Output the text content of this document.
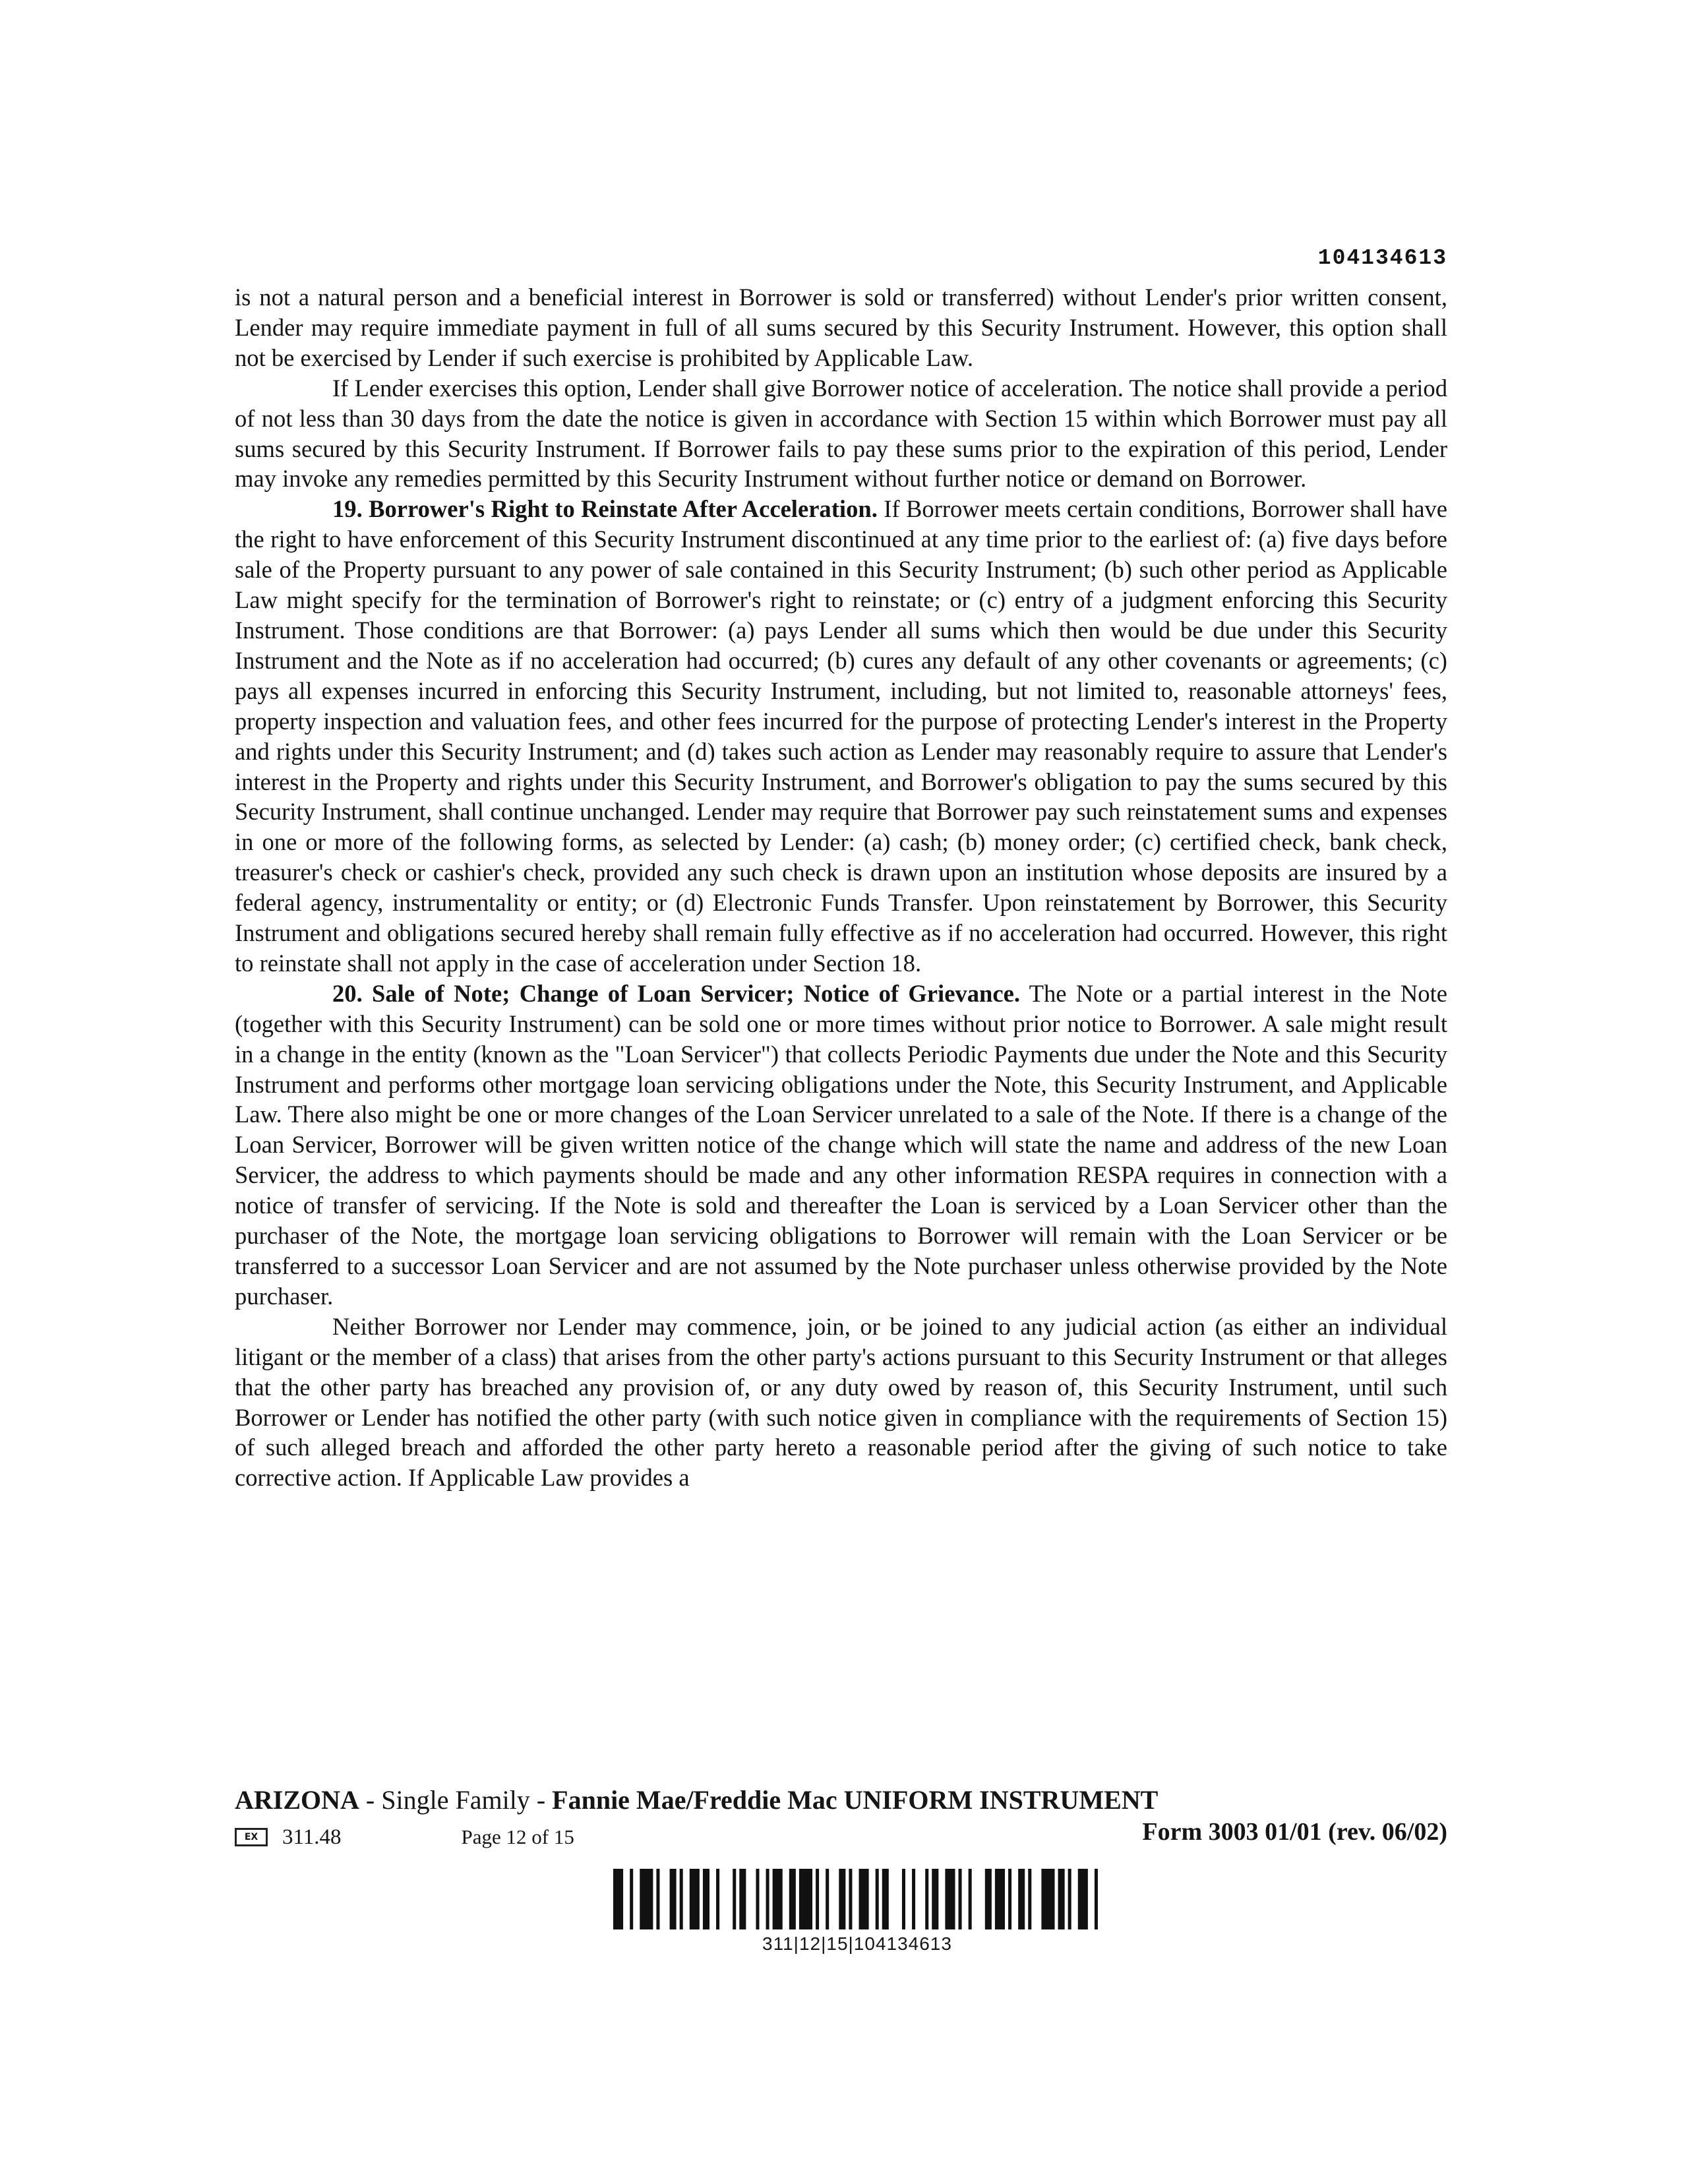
104134613

is not a natural person and a beneficial interest in Borrower is sold or transferred) without Lender's prior written consent, Lender may require immediate payment in full of all sums secured by this Security Instrument. However, this option shall not be exercised by Lender if such exercise is prohibited by Applicable Law.

If Lender exercises this option, Lender shall give Borrower notice of acceleration. The notice shall provide a period of not less than 30 days from the date the notice is given in accordance with Section 15 within which Borrower must pay all sums secured by this Security Instrument. If Borrower fails to pay these sums prior to the expiration of this period, Lender may invoke any remedies permitted by this Security Instrument without further notice or demand on Borrower.

19. Borrower's Right to Reinstate After Acceleration. If Borrower meets certain conditions, Borrower shall have the right to have enforcement of this Security Instrument discontinued at any time prior to the earliest of: (a) five days before sale of the Property pursuant to any power of sale contained in this Security Instrument; (b) such other period as Applicable Law might specify for the termination of Borrower's right to reinstate; or (c) entry of a judgment enforcing this Security Instrument. Those conditions are that Borrower: (a) pays Lender all sums which then would be due under this Security Instrument and the Note as if no acceleration had occurred; (b) cures any default of any other covenants or agreements; (c) pays all expenses incurred in enforcing this Security Instrument, including, but not limited to, reasonable attorneys' fees, property inspection and valuation fees, and other fees incurred for the purpose of protecting Lender's interest in the Property and rights under this Security Instrument; and (d) takes such action as Lender may reasonably require to assure that Lender's interest in the Property and rights under this Security Instrument, and Borrower's obligation to pay the sums secured by this Security Instrument, shall continue unchanged. Lender may require that Borrower pay such reinstatement sums and expenses in one or more of the following forms, as selected by Lender: (a) cash; (b) money order; (c) certified check, bank check, treasurer's check or cashier's check, provided any such check is drawn upon an institution whose deposits are insured by a federal agency, instrumentality or entity; or (d) Electronic Funds Transfer. Upon reinstatement by Borrower, this Security Instrument and obligations secured hereby shall remain fully effective as if no acceleration had occurred. However, this right to reinstate shall not apply in the case of acceleration under Section 18.

20. Sale of Note; Change of Loan Servicer; Notice of Grievance. The Note or a partial interest in the Note (together with this Security Instrument) can be sold one or more times without prior notice to Borrower. A sale might result in a change in the entity (known as the "Loan Servicer") that collects Periodic Payments due under the Note and this Security Instrument and performs other mortgage loan servicing obligations under the Note, this Security Instrument, and Applicable Law. There also might be one or more changes of the Loan Servicer unrelated to a sale of the Note. If there is a change of the Loan Servicer, Borrower will be given written notice of the change which will state the name and address of the new Loan Servicer, the address to which payments should be made and any other information RESPA requires in connection with a notice of transfer of servicing. If the Note is sold and thereafter the Loan is serviced by a Loan Servicer other than the purchaser of the Note, the mortgage loan servicing obligations to Borrower will remain with the Loan Servicer or be transferred to a successor Loan Servicer and are not assumed by the Note purchaser unless otherwise provided by the Note purchaser.

Neither Borrower nor Lender may commence, join, or be joined to any judicial action (as either an individual litigant or the member of a class) that arises from the other party's actions pursuant to this Security Instrument or that alleges that the other party has breached any provision of, or any duty owed by reason of, this Security Instrument, until such Borrower or Lender has notified the other party (with such notice given in compliance with the requirements of Section 15) of such alleged breach and afforded the other party hereto a reasonable period after the giving of such notice to take corrective action. If Applicable Law provides a

ARIZONA - Single Family - Fannie Mae/Freddie Mac UNIFORM INSTRUMENT
EX	311.48	Page 12 of 15	Form 3003 01/01 (rev. 06/02)
311|12|15|104134613
